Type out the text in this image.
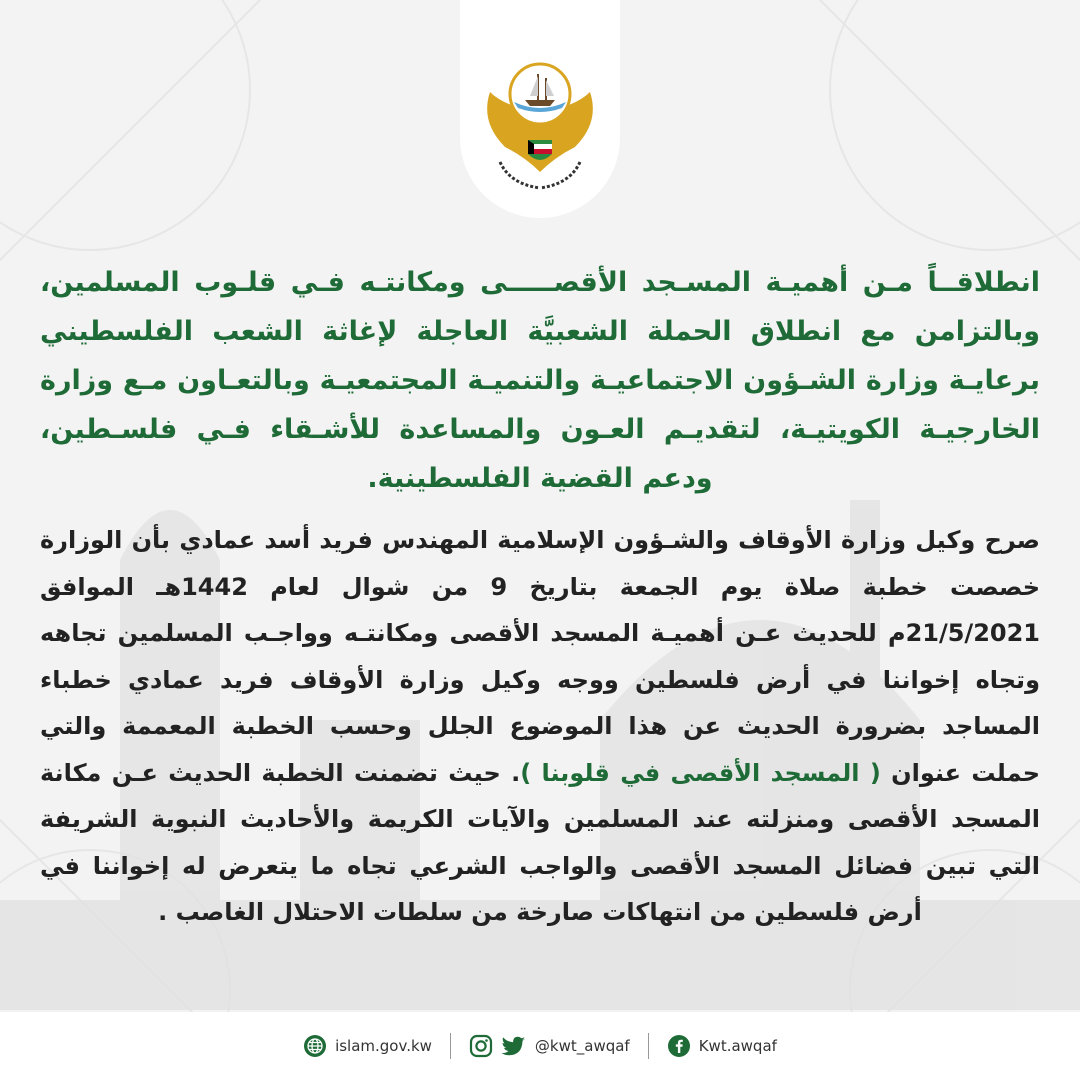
انطلاقــاً مـن أهميـة المسـجد الأقصـــــى ومكانتـه فـي قلـوب المسلمين، وبالتزامن مع انطلاق الحملة الشعبيَّة العاجلة لإغاثة الشعب الفلسطيني برعايـة وزارة الشـؤون الاجتماعيـة والتنميـة المجتمعيـة وبالتعـاون مـع وزارة الخارجيـة الكويتيـة، لتقديـم العـون والمساعدة للأشـقاء فـي فلسـطين، ودعم القضية الفلسطينية.
صرح وكيل وزارة الأوقاف والشـؤون الإسلامية المهندس فريد أسد عمادي بأن الوزارة خصصت خطبة صلاة يوم الجمعة بتاريخ 9 من شوال لعام 1442هـ الموافق 21/5/2021م للحديث عـن أهميـة المسجد الأقصى ومكانتـه وواجـب المسلمين تجاهه وتجاه إخواننا في أرض فلسطين ووجه وكيل وزارة الأوقاف فريد عمادي خطباء المساجد بضرورة الحديث عن هذا الموضوع الجلل وحسب الخطبة المعممة والتي حملت عنوان ( المسجد الأقصى في قلوبنا ). حيث تضمنت الخطبة الحديث عـن مكانة المسجد الأقصى ومنزلته عند المسلمين والآيات الكريمة والأحاديث النبوية الشريفة التي تبين فضائل المسجد الأقصى والواجب الشرعي تجاه ما يتعرض له إخواننا في أرض فلسطين من انتهاكات صارخة من سلطات الاحتلال الغاصب .
islam.gov.kw	@kwt_awqaf	Kwt.awqaf
